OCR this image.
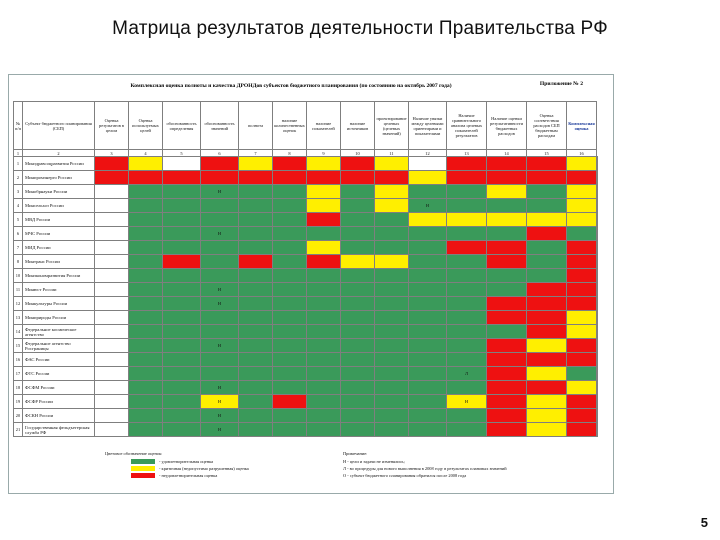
Матрица результатов деятельности Правительства РФ
Комплексная оценка полноты и качества ДРОНДов субъектов бюджетного планирования (по состоянию на октябрь 2007 года)	Приложение № 2
№ п/п	Субъект бюджетного планирования (СБП)	Оценка результатов в целом	Оценка используемых целей	обоснованность определения	обоснованность значений	полнота	наличие количественных оценок	наличие показателей	наличие источников	проектирование целевых (целевых значений)	Наличие увязки между целевыми ориентирами и показателями	Наличие сравнительного анализа целевых показателей результатов	Наличие оценки результативности бюджетных расходов	Оценка соответствия расходов СБП бюджетным расходам	Комплексная оценка	
1	2	3	4	5	6	7	8	9	10	11	12	13	14	15	16	
1	Минздравсоцразвития России															
2	Минпромэнерго России															
3	Минобрнауки России				Н											
4	Минсельхоз России										Н					
5	МВД России															
6	МЧС России				Н											
7	МИД России															
8	Минтранс России															
10	Минэкономразвития России															
11	Минюст России				Н											
12	Минкультуры России				Н											
13	Минприроды России															
14	Федеральное космическое агентство															
15	Федеральное агентство Росграницы				Н											
16	ФАС России															
17	ФТС России											Л				
18	ФСФМ России				Н											
19	ФСФР России				Н							Н				
20	ФСКН России				Н											
21	Государственная фельдъегерская служба РФ				Н											
Цветовое обозначение оценок:
- удовлетворительная оценка
- критичная (недопустимо разрушенная) оценка
- неудовлетворительная оценка
Примечание:
Н - цели и задачи не изменялись;
Л - во процедуры для нового выполнения в 2008 году в результатах плановых значений
О - субъект бюджетного планирования обратился после 2008 года
5
